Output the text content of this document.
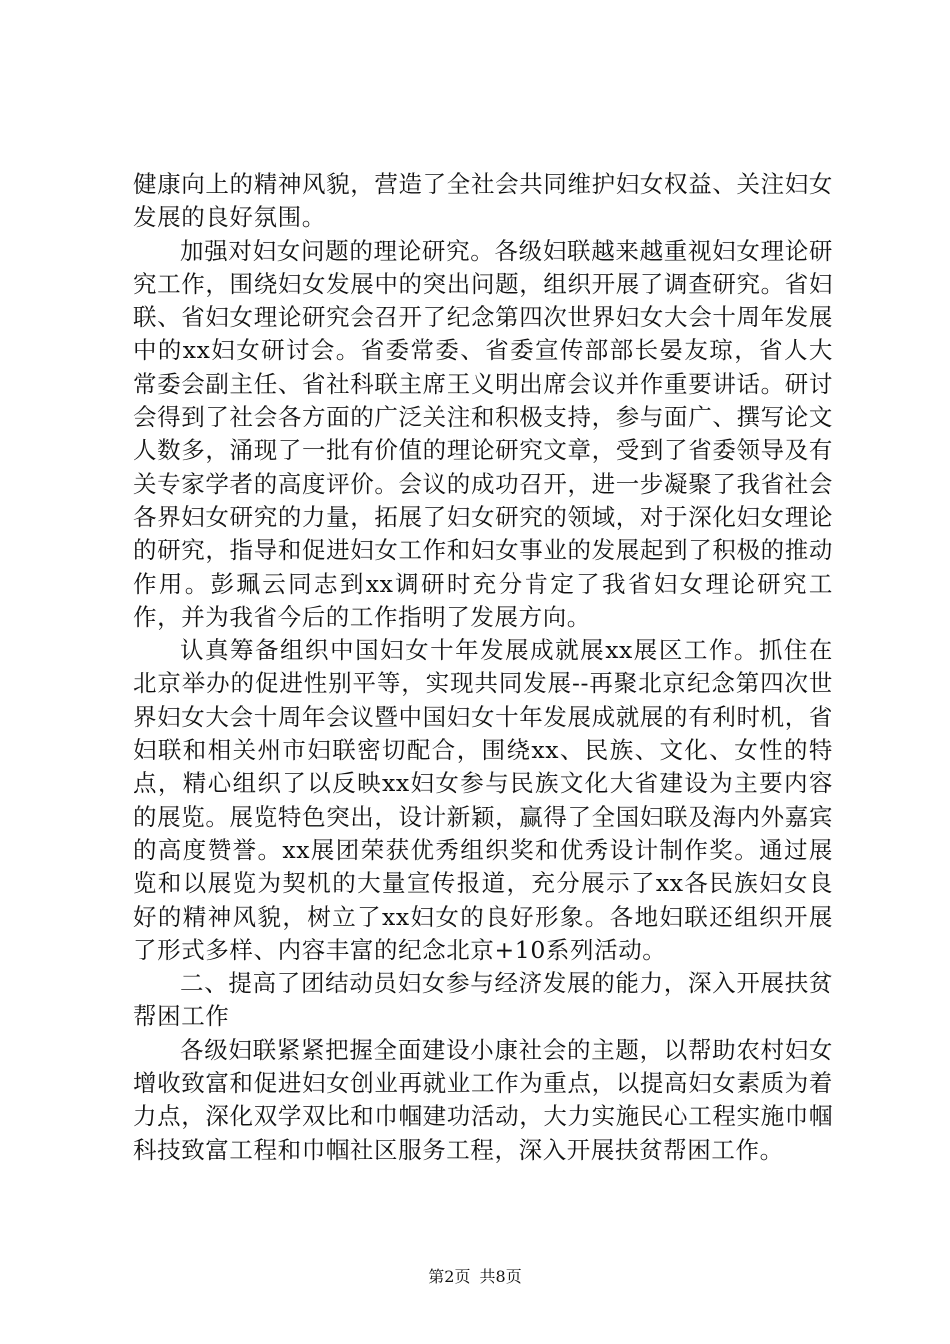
健康向上的精神风貌，营造了全社会共同维护妇女权益、关注妇女发展的良好氛围。

加强对妇女问题的理论研究。各级妇联越来越重视妇女理论研究工作，围绕妇女发展中的突出问题，组织开展了调查研究。省妇联、省妇女理论研究会召开了纪念第四次世界妇女大会十周年发展中的xx妇女研讨会。省委常委、省委宣传部部长晏友琼，省人大常委会副主任、省社科联主席王义明出席会议并作重要讲话。研讨会得到了社会各方面的广泛关注和积极支持，参与面广、撰写论文人数多，涌现了一批有价值的理论研究文章，受到了省委领导及有关专家学者的高度评价。会议的成功召开，进一步凝聚了我省社会各界妇女研究的力量，拓展了妇女研究的领域，对于深化妇女理论的研究，指导和促进妇女工作和妇女事业的发展起到了积极的推动作用。彭珮云同志到xx调研时充分肯定了我省妇女理论研究工作，并为我省今后的工作指明了发展方向。

认真筹备组织中国妇女十年发展成就展xx展区工作。抓住在北京举办的促进性别平等，实现共同发展--再聚北京纪念第四次世界妇女大会十周年会议暨中国妇女十年发展成就展的有利时机，省妇联和相关州市妇联密切配合，围绕xx、民族、文化、女性的特点，精心组织了以反映xx妇女参与民族文化大省建设为主要内容的展览。展览特色突出，设计新颖，赢得了全国妇联及海内外嘉宾的高度赞誉。xx展团荣获优秀组织奖和优秀设计制作奖。通过展览和以展览为契机的大量宣传报道，充分展示了xx各民族妇女良好的精神风貌，树立了xx妇女的良好形象。各地妇联还组织开展了形式多样、内容丰富的纪念北京+10系列活动。

二、提高了团结动员妇女参与经济发展的能力，深入开展扶贫帮困工作

各级妇联紧紧把握全面建设小康社会的主题，以帮助农村妇女增收致富和促进妇女创业再就业工作为重点，以提高妇女素质为着力点，深化双学双比和巾帼建功活动，大力实施民心工程实施巾帼科技致富工程和巾帼社区服务工程，深入开展扶贫帮困工作。

第2页 共8页
